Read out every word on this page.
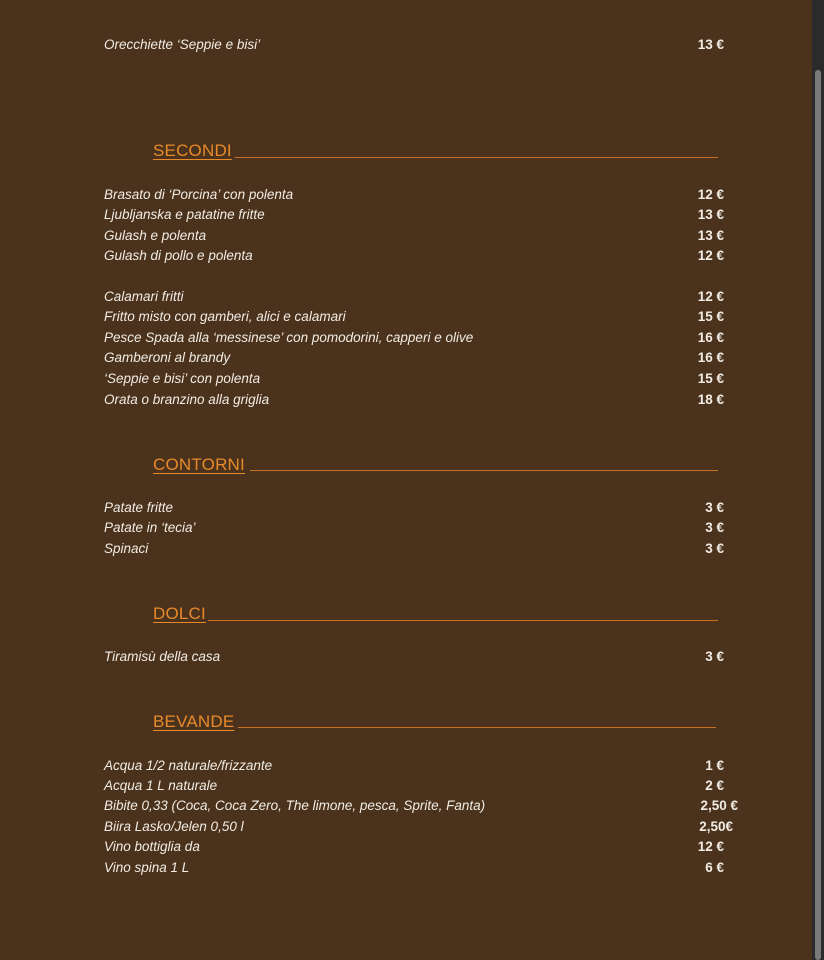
Orecchiette ‘Seppie e bisi’	13 €
SECONDI
Brasato di ‘Porcina’ con polenta	12 €
Ljubljanska e patatine fritte	13 €
Gulash e polenta	13 €
Gulash di pollo e polenta	12 €
Calamari fritti	12 €
Fritto misto con gamberi, alici e calamari	15 €
Pesce Spada alla ‘messinese’ con pomodorini, capperi e olive	16 €
Gamberoni al brandy	16 €
‘Seppie e bisi’ con polenta	15 €
Orata o branzino alla griglia	18 €
CONTORNI
Patate fritte	3 €
Patate in ‘tecia’	3 €
Spinaci	3 €
DOLCI
Tiramisù della casa	3 €
BEVANDE
Acqua 1/2 naturale/frizzante	1 €
Acqua 1 L naturale	2 €
Bibite 0,33 (Coca, Coca Zero, The limone, pesca, Sprite, Fanta)	2,50 €
Biira Lasko/Jelen 0,50 l	2,50€
Vino bottiglia da	12 €
Vino spina 1 L	6 €
